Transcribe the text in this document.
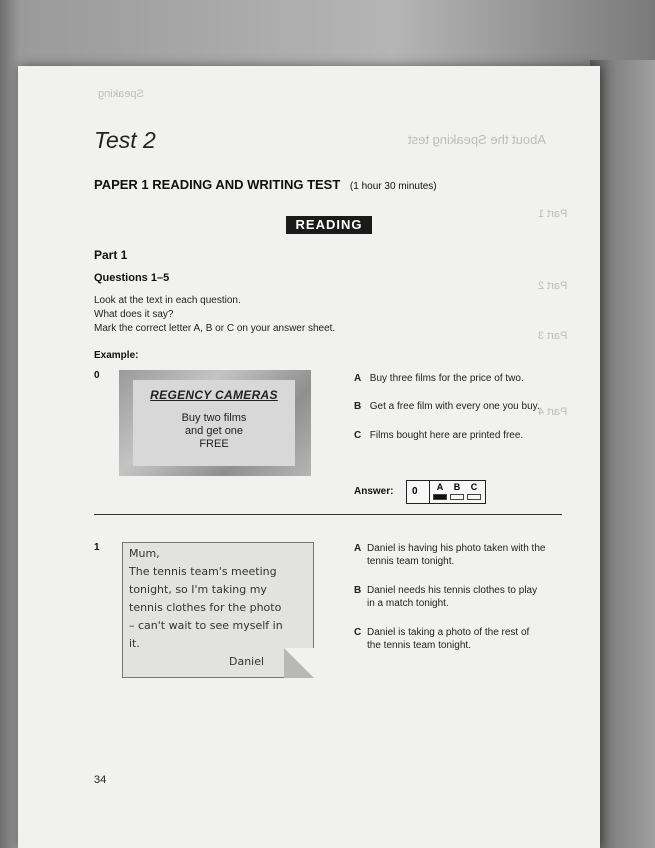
Speaking
About the Speaking test
Part 1
Part 2
Part 3
Part 4
Test 2
PAPER 1 READING AND WRITING TEST (1 hour 30 minutes)
READING
Part 1
Questions 1–5
Look at the text in each question.
What does it say?
Mark the correct letter A, B or C on your answer sheet.
Example:
0
REGENCY CAMERAS
Buy two films
and get one
FREE
A Buy three films for the price of two.
B Get a free film with every one you buy.
C Films bought here are printed free.
Answer: 0	A	B	C
1	Mum,
The tennis team's meeting
tonight, so I'm taking my
tennis clothes for the photo
– can't wait to see myself in
it.
Daniel
A Daniel is having his photo taken with the
tennis team tonight.
B Daniel needs his tennis clothes to play
in a match tonight.
C Daniel is taking a photo of the rest of
the tennis team tonight.
34
